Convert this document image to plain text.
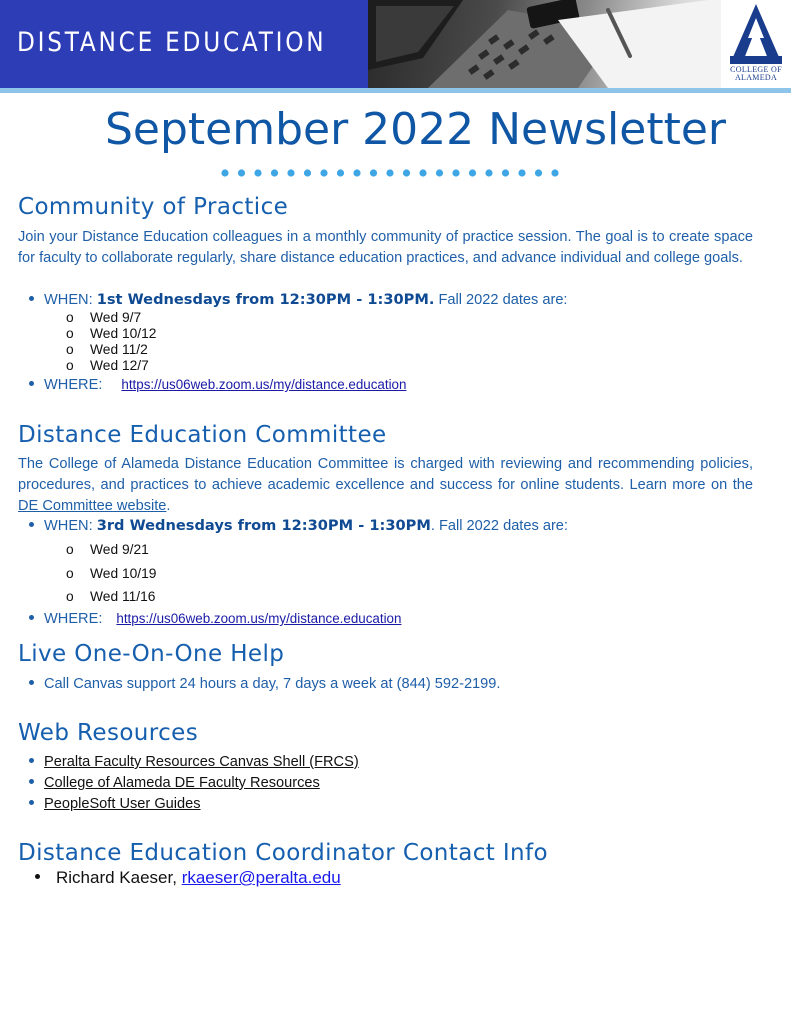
DISTANCE EDUCATION
COLLEGE OF
ALAMEDA
September 2022 Newsletter
Community of Practice
Join your Distance Education colleagues in a monthly community of practice session. The goal is to create space for faculty to collaborate regularly, share distance education practices, and advance individual and college goals.
WHEN: 1st Wednesdays from 12:30PM - 1:30PM. Fall 2022 dates are:
o Wed 9/7
o Wed 10/12
o Wed 11/2
o Wed 12/7
WHERE: https://us06web.zoom.us/my/distance.education
Distance Education Committee
The College of Alameda Distance Education Committee is charged with reviewing and recommending policies, procedures, and practices to achieve academic excellence and success for online students. Learn more on the DE Committee website.
WHEN: 3rd Wednesdays from 12:30PM - 1:30PM. Fall 2022 dates are:
o Wed 9/21
o Wed 10/19
o Wed 11/16
WHERE: https://us06web.zoom.us/my/distance.education
Live One-On-One Help
Call Canvas support 24 hours a day, 7 days a week at (844) 592-2199.
Web Resources
Peralta Faculty Resources Canvas Shell (FRCS)
College of Alameda DE Faculty Resources
PeopleSoft User Guides
Distance Education Coordinator Contact Info
Richard Kaeser, rkaeser@peralta.edu
